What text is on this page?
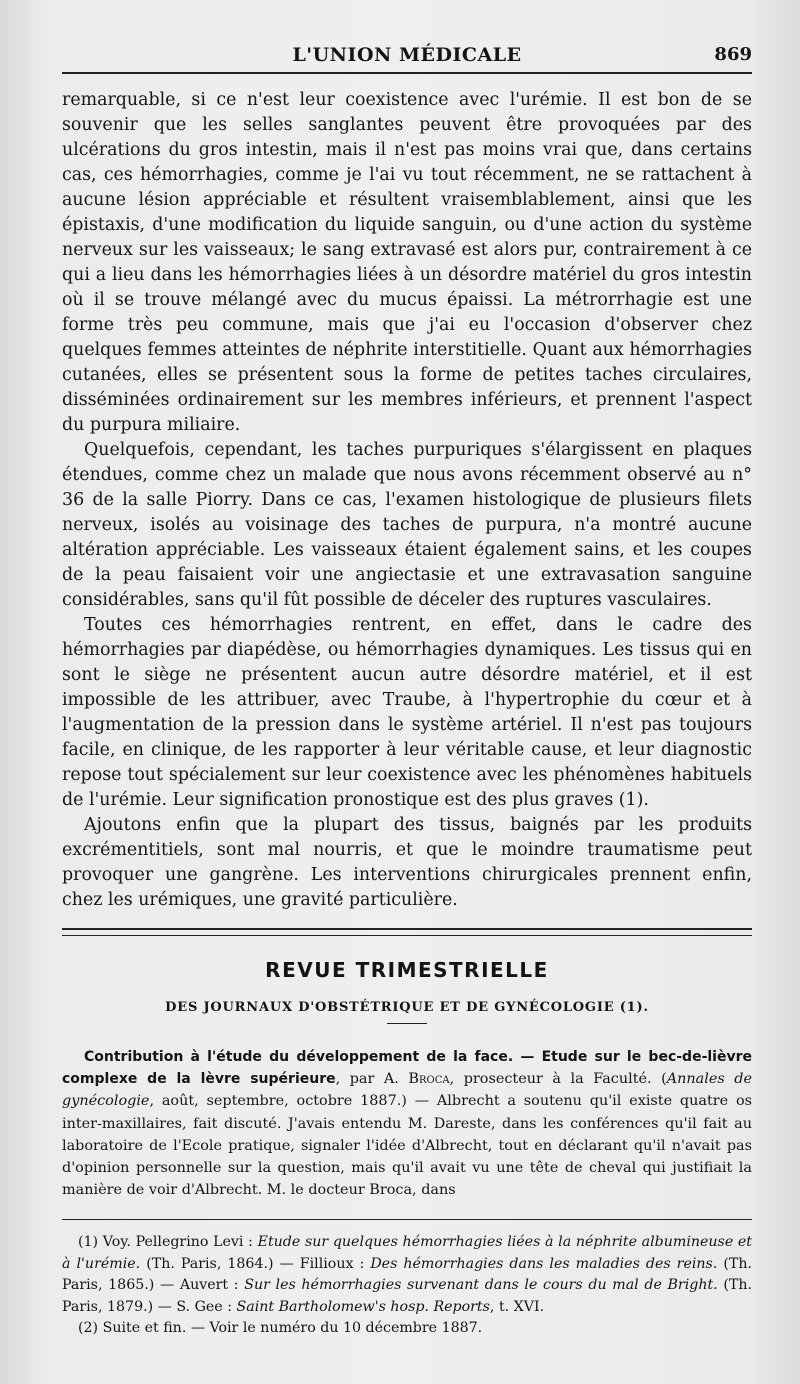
L'UNION MÉDICALE	869

remarquable, si ce n'est leur coexistence avec l'urémie. Il est bon de se souvenir que les selles sanglantes peuvent être provoquées par des ulcérations du gros intestin, mais il n'est pas moins vrai que, dans certains cas, ces hémorrhagies, comme je l'ai vu tout récemment, ne se rattachent à aucune lésion appréciable et résultent vraisemblablement, ainsi que les épistaxis, d'une modification du liquide sanguin, ou d'une action du système nerveux sur les vaisseaux; le sang extravasé est alors pur, contrairement à ce qui a lieu dans les hémorrhagies liées à un désordre matériel du gros intestin où il se trouve mélangé avec du mucus épaissi. La métrorrhagie est une forme très peu commune, mais que j'ai eu l'occasion d'observer chez quelques femmes atteintes de néphrite interstitielle. Quant aux hémorrhagies cutanées, elles se présentent sous la forme de petites taches circulaires, disséminées ordinairement sur les membres inférieurs, et prennent l'aspect du purpura miliaire.

Quelquefois, cependant, les taches purpuriques s'élargissent en plaques étendues, comme chez un malade que nous avons récemment observé au n° 36 de la salle Piorry. Dans ce cas, l'examen histologique de plusieurs filets nerveux, isolés au voisinage des taches de purpura, n'a montré aucune altération appréciable. Les vaisseaux étaient également sains, et les coupes de la peau faisaient voir une angiectasie et une extravasation sanguine considérables, sans qu'il fût possible de déceler des ruptures vasculaires.

Toutes ces hémorrhagies rentrent, en effet, dans le cadre des hémorrhagies par diapédèse, ou hémorrhagies dynamiques. Les tissus qui en sont le siège ne présentent aucun autre désordre matériel, et il est impossible de les attribuer, avec Traube, à l'hypertrophie du cœur et à l'augmentation de la pression dans le système artériel. Il n'est pas toujours facile, en clinique, de les rapporter à leur véritable cause, et leur diagnostic repose tout spécialement sur leur coexistence avec les phénomènes habituels de l'urémie. Leur signification pronostique est des plus graves (1).

Ajoutons enfin que la plupart des tissus, baignés par les produits excrémentitiels, sont mal nourris, et que le moindre traumatisme peut provoquer une gangrène. Les interventions chirurgicales prennent enfin, chez les urémiques, une gravité particulière.

REVUE TRIMESTRIELLE
DES JOURNAUX D'OBSTÉTRIQUE ET DE GYNÉCOLOGIE (1).
Contribution à l'étude du développement de la face. — Etude sur le bec-de-lièvre complexe de la lèvre supérieure, par A. Broca, prosecteur à la Faculté. (Annales de gynécologie, août, septembre, octobre 1887.) — Albrecht a soutenu qu'il existe quatre os inter-maxillaires, fait discuté. J'avais entendu M. Dareste, dans les conférences qu'il fait au laboratoire de l'Ecole pratique, signaler l'idée d'Albrecht, tout en déclarant qu'il n'avait pas d'opinion personnelle sur la question, mais qu'il avait vu une tête de cheval qui justifiait la manière de voir d'Albrecht. M. le docteur Broca, dans

(1) Voy. Pellegrino Levi : Etude sur quelques hémorrhagies liées à la néphrite albumineuse et à l'urémie. (Th. Paris, 1864.) — Fillioux : Des hémorrhagies dans les maladies des reins. (Th. Paris, 1865.) — Auvert : Sur les hémorrhagies survenant dans le cours du mal de Bright. (Th. Paris, 1879.) — S. Gee : Saint Bartholomew's hosp. Reports, t. XVI.

(2) Suite et fin. — Voir le numéro du 10 décembre 1887.
